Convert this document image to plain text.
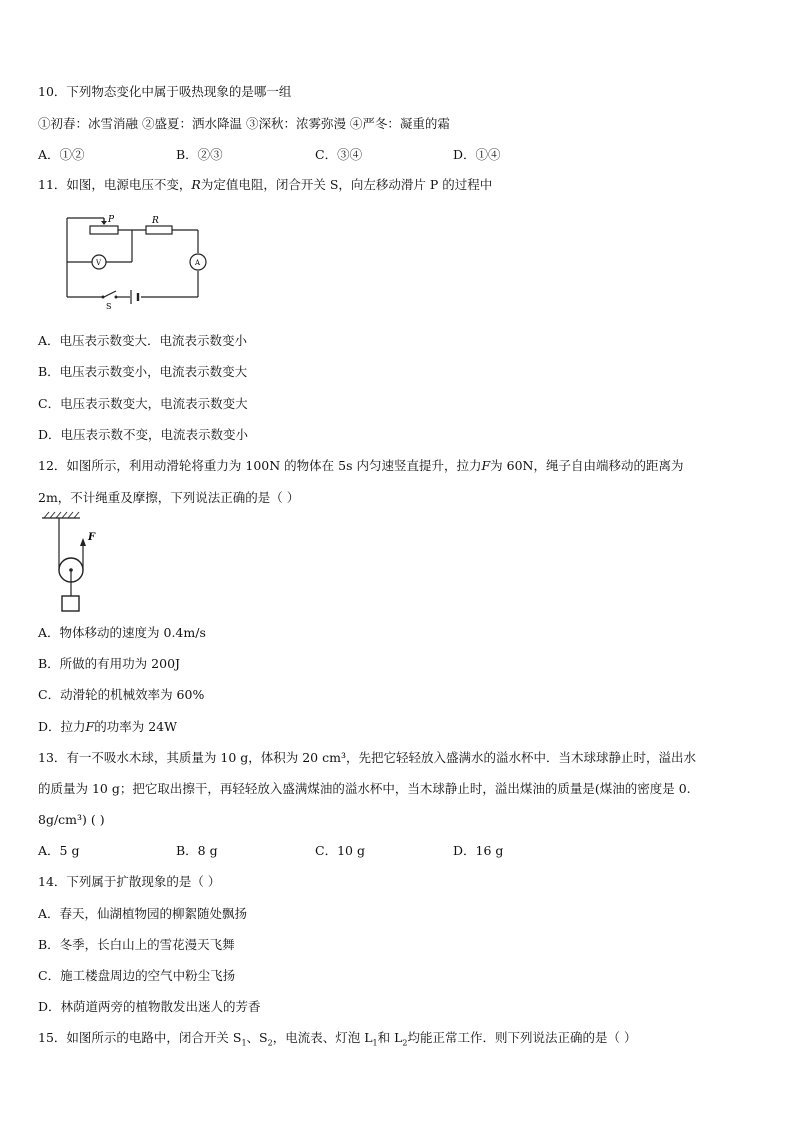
10．下列物态变化中属于吸热现象的是哪一组
①初春：冰雪消融 ②盛夏：洒水降温 ③深秋：浓雾弥漫 ④严冬：凝重的霜
A．①②	B．②③	C．③④	D．①④
11．如图，电源电压不变，R为定值电阻，闭合开关 S，向左移动滑片 P 的过程中
P	R
V	A
S
A．电压表示数变大．电流表示数变小
B．电压表示数变小，电流表示数变大
C．电压表示数变大，电流表示数变大
D．电压表示数不变，电流表示数变小
12．如图所示，利用动滑轮将重力为 100N 的物体在 5s 内匀速竖直提升，拉力F为 60N，绳子自由端移动的距离为
2m，不计绳重及摩擦，下列说法正确的是（ ）
F
A．物体移动的速度为 0.4m/s
B．所做的有用功为 200J
C．动滑轮的机械效率为 60%
D．拉力F的功率为 24W
13．有一不吸水木球，其质量为 10 g，体积为 20 cm³，先把它轻轻放入盛满水的溢水杯中．当木球球静止时，溢出水
的质量为 10 g；把它取出擦干，再轻轻放入盛满煤油的溢水杯中，当木球静止时，溢出煤油的质量是(煤油的密度是 0.
8g/cm³) ( )
A．5 g	B．8 g	C．10 g	D．16 g
14．下列属于扩散现象的是（ ）
A．春天，仙湖植物园的柳絮随处飘扬
B．冬季，长白山上的雪花漫天飞舞
C．施工楼盘周边的空气中粉尘飞扬
D．林荫道两旁的植物散发出迷人的芳香
15．如图所示的电路中，闭合开关 $S_1$、$S_2$，电流表、灯泡 $L_1$和 $L_2$均能正常工作．则下列说法正确的是（ ）
